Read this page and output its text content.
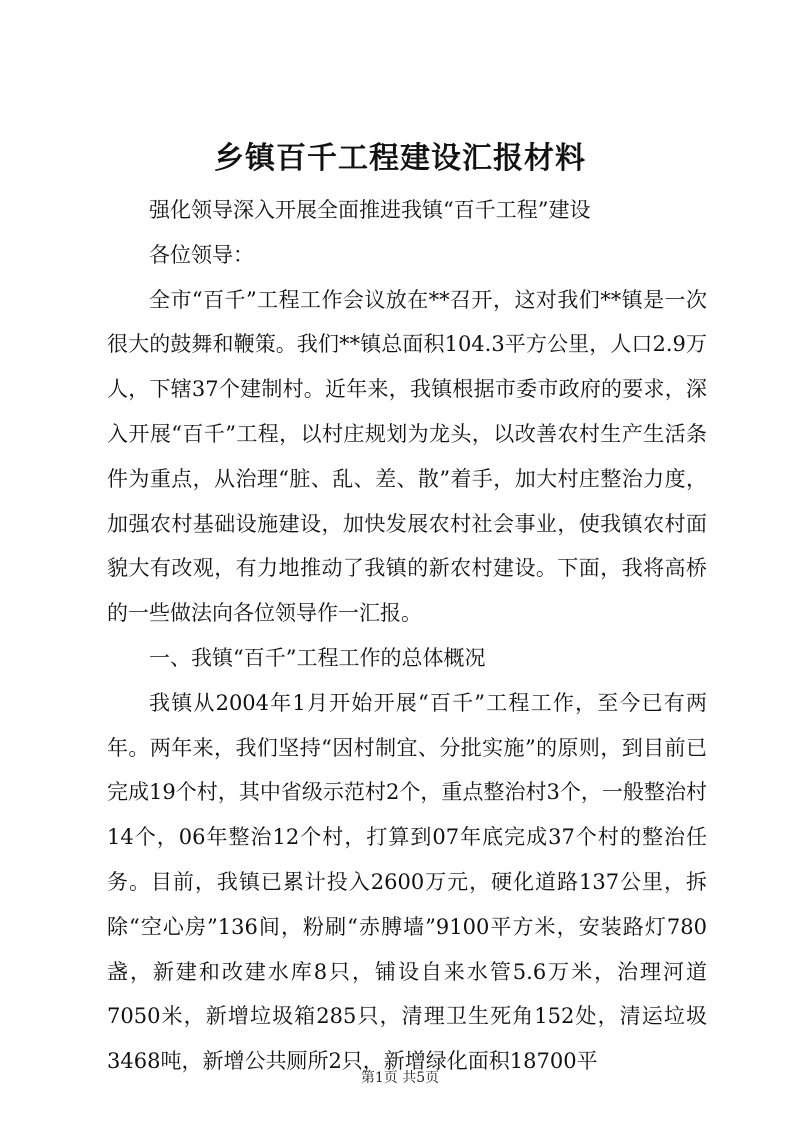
乡镇百千工程建设汇报材料

强化领导深入开展全面推进我镇“百千工程”建设

各位领导：

全市“百千”工程工作会议放在**召开，这对我们**镇是一次很大的鼓舞和鞭策。我们**镇总面积104.3平方公里，人口2.9万人，下辖37个建制村。近年来，我镇根据市委市政府的要求，深入开展“百千”工程，以村庄规划为龙头，以改善农村生产生活条件为重点，从治理“脏、乱、差、散”着手，加大村庄整治力度，加强农村基础设施建设，加快发展农村社会事业，使我镇农村面貌大有改观，有力地推动了我镇的新农村建设。下面，我将高桥的一些做法向各位领导作一汇报。

一、我镇“百千”工程工作的总体概况

我镇从2004年1月开始开展“百千”工程工作，至今已有两年。两年来，我们坚持“因村制宜、分批实施”的原则，到目前已完成19个村，其中省级示范村2个，重点整治村3个，一般整治村14个，06年整治12个村，打算到07年底完成37个村的整治任务。目前，我镇已累计投入2600万元，硬化道路137公里，拆除“空心房”136间，粉刷“赤膊墙”9100平方米，安装路灯780盏，新建和改建水库8只，铺设自来水管5.6万米，治理河道7050米，新增垃圾箱285只，清理卫生死角152处，清运垃圾3468吨，新增公共厕所2只，新增绿化面积18700平

第1页 共5页
